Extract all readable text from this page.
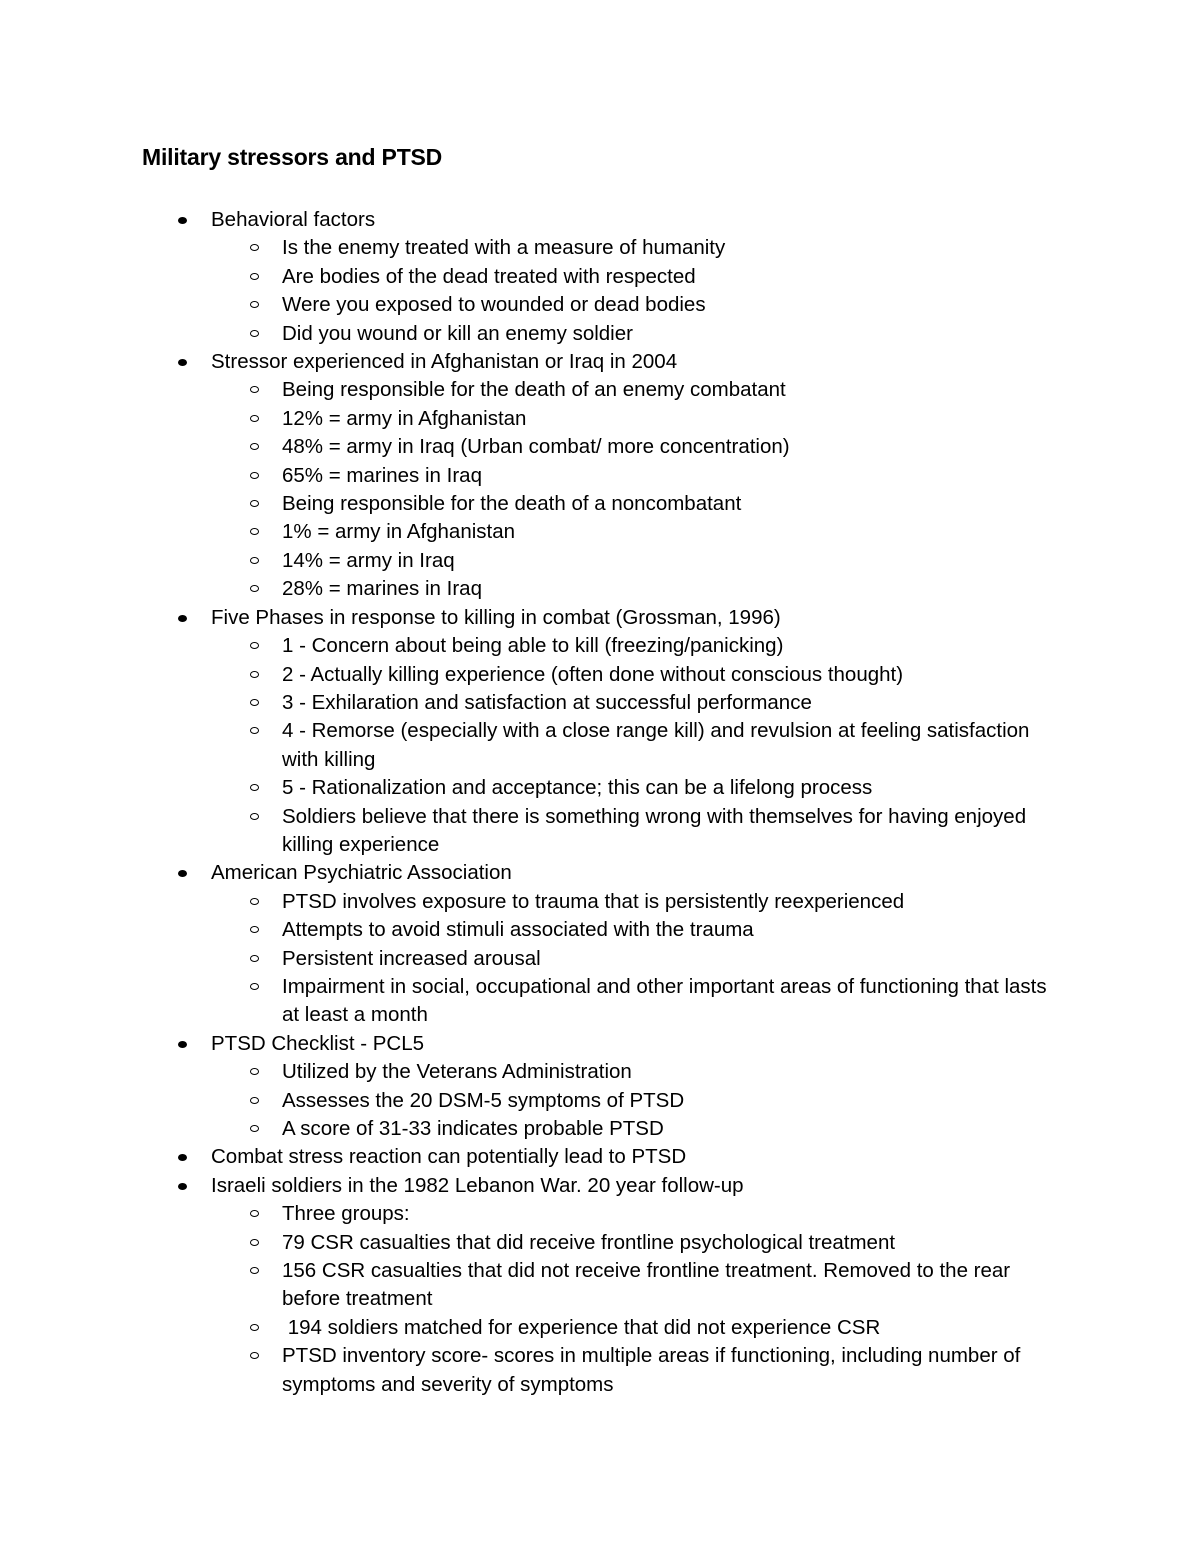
Military stressors and PTSD
Behavioral factors
Is the enemy treated with a measure of humanity
Are bodies of the dead treated with respected
Were you exposed to wounded or dead bodies
Did you wound or kill an enemy soldier
Stressor experienced in Afghanistan or Iraq in 2004
Being responsible for the death of an enemy combatant
12% = army in Afghanistan
48% = army in Iraq (Urban combat/ more concentration)
65% = marines in Iraq
Being responsible for the death of a noncombatant
1% = army in Afghanistan
14% = army in Iraq
28% = marines in Iraq
Five Phases in response to killing in combat (Grossman, 1996)
1 - Concern about being able to kill (freezing/panicking)
2 - Actually killing experience (often done without conscious thought)
3 - Exhilaration and satisfaction at successful performance
4 - Remorse (especially with a close range kill) and revulsion at feeling satisfaction with killing
5 - Rationalization and acceptance; this can be a lifelong process
Soldiers believe that there is something wrong with themselves for having enjoyed killing experience
American Psychiatric Association
PTSD involves exposure to trauma that is persistently reexperienced
Attempts to avoid stimuli associated with the trauma
Persistent increased arousal
Impairment in social, occupational and other important areas of functioning that lasts at least a month
PTSD Checklist - PCL5
Utilized by the Veterans Administration
Assesses the 20 DSM-5 symptoms of PTSD
A score of 31-33 indicates probable PTSD
Combat stress reaction can potentially lead to PTSD
Israeli soldiers in the 1982 Lebanon War. 20 year follow-up
Three groups:
79 CSR casualties that did receive frontline psychological treatment
156 CSR casualties that did not receive frontline treatment. Removed to the rear before treatment
194 soldiers matched for experience that did not experience CSR
PTSD inventory score- scores in multiple areas if functioning, including number of symptoms and severity of symptoms
